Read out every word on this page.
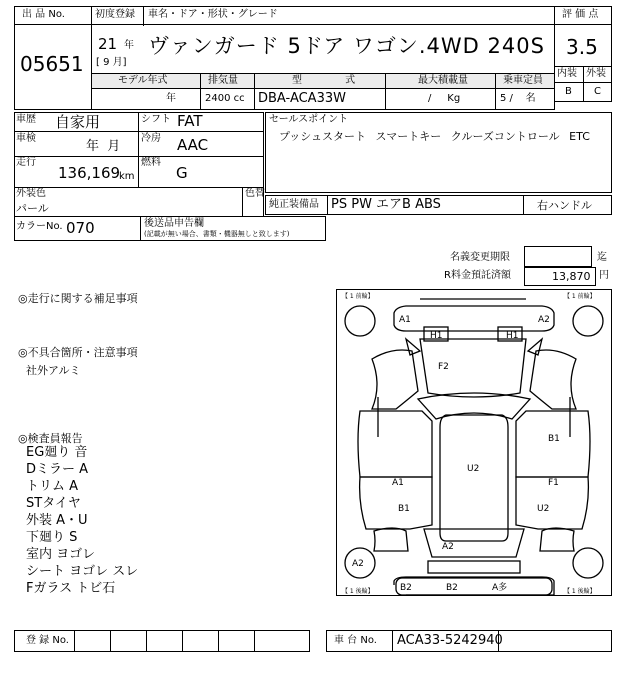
出 品 No.
05651
初度登録 車名・ドア・形状・グレード
21 年
[ 9 月]
ヴァンガード 5ドア ワゴン.4WD 240S
モデル年式	排気量	型 式	最大積載量	乗車定員
年	2400 cc DBA-ACA33W	/     Kg	5 /    名
評 価 点
3.5
内装 外装
B C
車歴 自家用	シフト FAT
車検
年  月
冷房 AAC
走行
136,169
km
燃料
G
外装色
パール
色替
カラーNo. 070	後送品申告欄
(記載が無い場合、書類・機器無しと致します)
セールスポイント
プッシュスタート スマートキー クルーズコントロール ETC
純正装備品 PS PW エアB ABS	右ハンドル
名義変更期限	迄
R料金預託済額	13,870 円
◎走行に関する補足事項
◎不具合箇所・注意事項
社外アルミ
◎検査員報告
EG廻り 音
Dミラー A
トリム A
STタイヤ
外装 A・U
下廻り S
室内 ヨゴレ
シート ヨゴレ スレ
Fガラス トビ石
【 1 前輪】	【 1 前輪】
【 1 後輪】	【 1 後輪】
A1	A2
H1	H1
F2
B1
U2
A1	F1
B1	U2
A2
A2
B2	B2	A多
登 録 No.	車 台 No. ACA33-5242940
